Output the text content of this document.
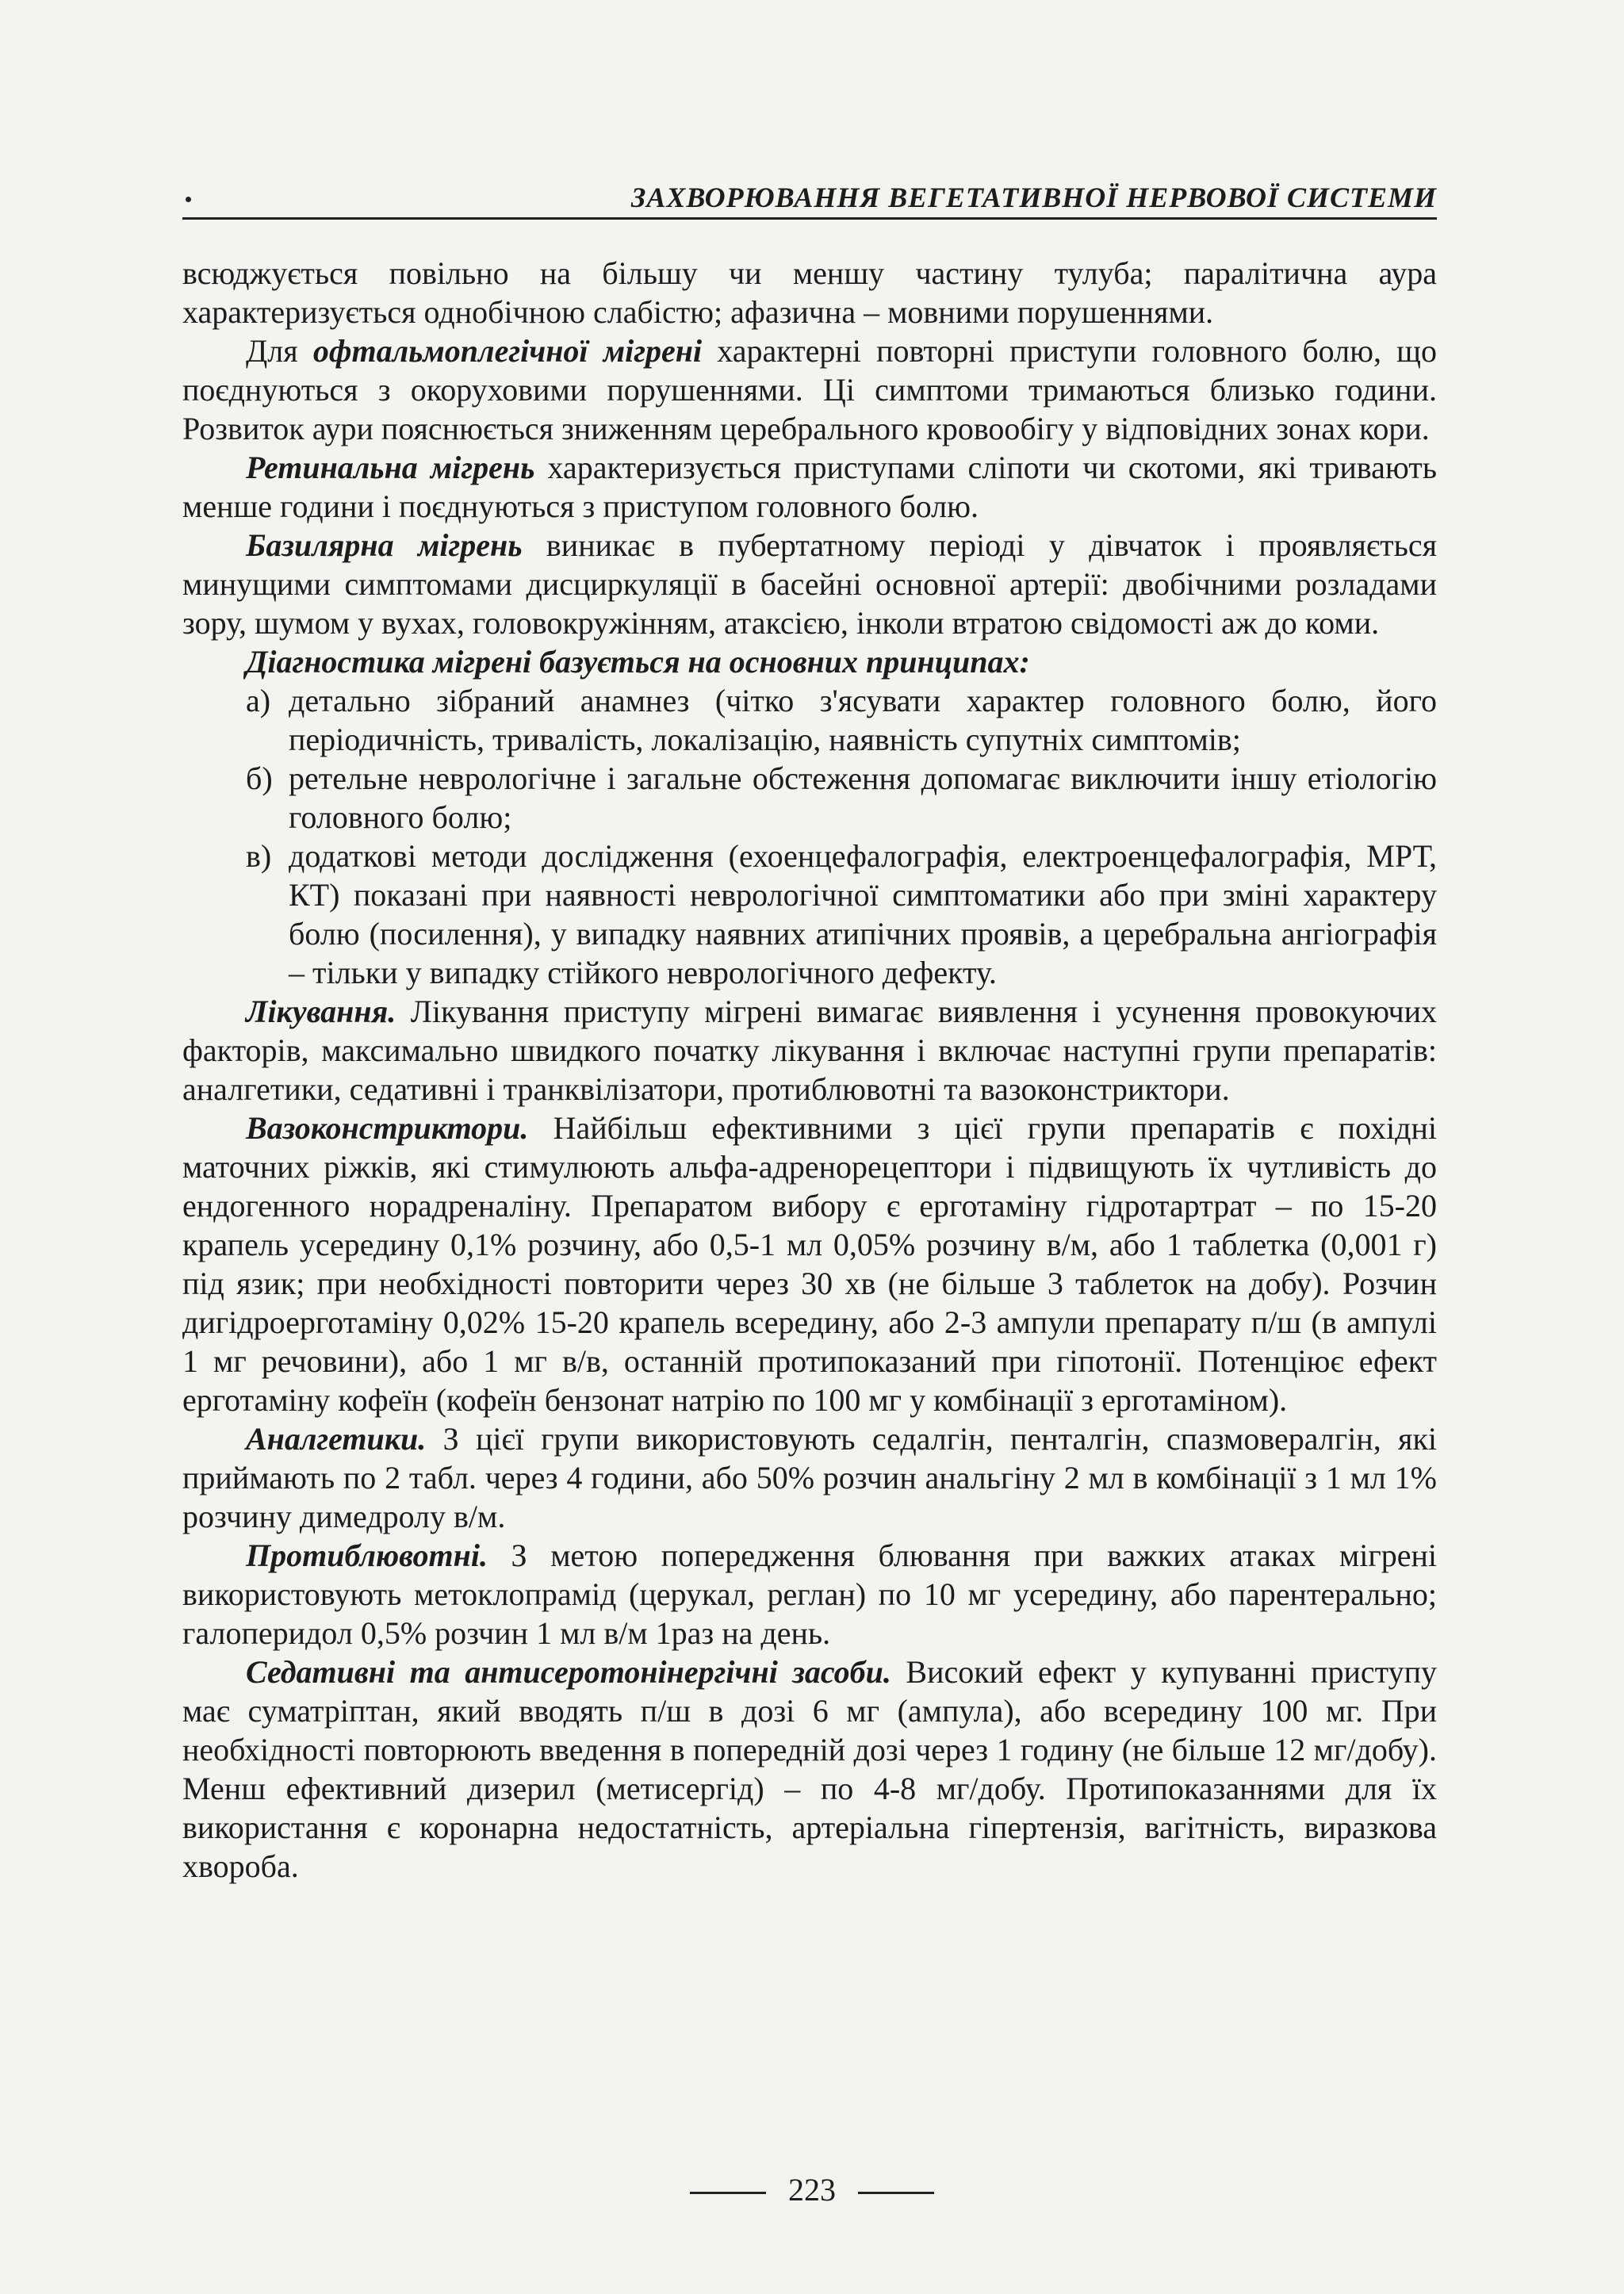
ЗАХВОРЮВАННЯ ВЕГЕТАТИВНОЇ НЕРВОВОЇ СИСТЕМИ

всюджується повільно на більшу чи меншу частину тулуба; паралітична аура характеризується однобічною слабістю; афазична – мовними порушеннями.

Для офтальмоплегічної мігрені характерні повторні приступи головного болю, що поєднуються з окоруховими порушеннями. Ці симптоми тримаються близько години. Розвиток аури пояснюється зниженням церебрального кровообігу у відповідних зонах кори.

Ретинальна мігрень характеризується приступами сліпоти чи скотоми, які тривають менше години і поєднуються з приступом головного болю.

Базилярна мігрень виникає в пубертатному періоді у дівчаток і проявляється минущими симптомами дисциркуляції в басейні основної артерії: двобічними розладами зору, шумом у вухах, головокружінням, атаксією, інколи втратою свідомості аж до коми.

Діагностика мігрені базується на основних принципах:

а) детально зібраний анамнез (чітко з'ясувати характер головного болю, його періодичність, тривалість, локалізацію, наявність супутніх симптомів;
б) ретельне неврологічне і загальне обстеження допомагає виключити іншу етіологію головного болю;
в) додаткові методи дослідження (ехоенцефалографія, електроенцефалографія, МРТ, КТ) показані при наявності неврологічної симптоматики або при зміні характеру болю (посилення), у випадку наявних атипічних проявів, а церебральна ангіографія – тільки у випадку стійкого неврологічного дефекту.

Лікування. Лікування приступу мігрені вимагає виявлення і усунення провокуючих факторів, максимально швидкого початку лікування і включає наступні групи препаратів: аналгетики, седативні і транквілізатори, протиблювотні та вазоконстриктори.

Вазоконстриктори. Найбільш ефективними з цієї групи препаратів є похідні маточних ріжків, які стимулюють альфа-адренорецептори і підвищують їх чутливість до ендогенного норадреналіну. Препаратом вибору є ерготаміну гідротартрат – по 15-20 крапель усередину 0,1% розчину, або 0,5-1 мл 0,05% розчину в/м, або 1 таблетка (0,001 г) під язик; при необхідності повторити через 30 хв (не більше 3 таблеток на добу). Розчин дигідроерготаміну 0,02% 15-20 крапель всередину, або 2-3 ампули препарату п/ш (в ампулі 1 мг речовини), або 1 мг в/в, останній протипоказаний при гіпотонії. Потенціює ефект ерготаміну кофеїн (кофеїн бензонат натрію по 100 мг у комбінації з ерготаміном).

Аналгетики. З цієї групи використовують седалгін, пенталгін, спазмовералгін, які приймають по 2 табл. через 4 години, або 50% розчин анальгіну 2 мл в комбінації з 1 мл 1% розчину димедролу в/м.

Протиблювотні. З метою попередження блювання при важких атаках мігрені використовують метоклопрамід (церукал, реглан) по 10 мг усередину, або парентерально; галоперидол 0,5% розчин 1 мл в/м 1раз на день.

Седативні та антисеротонінергічні засоби. Високий ефект у купуванні приступу має суматріптан, який вводять п/ш в дозі 6 мг (ампула), або всередину 100 мг. При необхідності повторюють введення в попередній дозі через 1 годину (не більше 12 мг/добу). Менш ефективний дизерил (метисергід) – по 4-8 мг/добу. Протипоказаннями для їх використання є коронарна недостатність, артеріальна гіпертензія, вагітність, виразкова хвороба.

223
